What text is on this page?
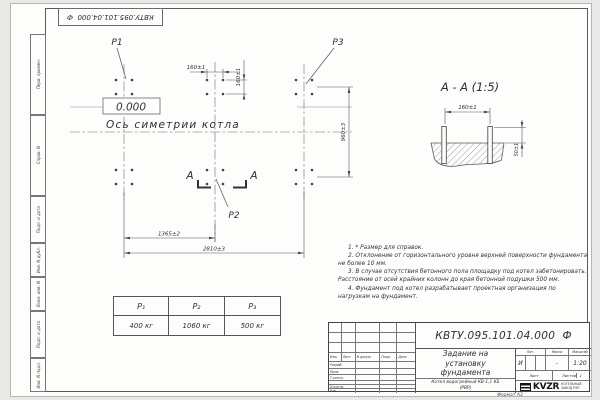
КВТУ.095.101.04.000  Ф
Перв. примен.
Справ. N
Подп. и дата
Инв. N дубл.
Взам. инв. N
Подп. и дата
Инв. N подл.
Р1	Р3
Р2
0.000
Ось симетрии котла
А	А
160±1	160±1
960±3
1365±2
2810±3
А - А (1:5)
160±1
50±1
1. * Размер для справок.
2. Отклонение от горизонтального уровня верхней поверхности фундамента не более 10 мм.
3. В случае отсутствия бетонного пола площадку под котел забетонировать. Расстояние от осей крайних колонн до края бетонной подушки 500 мм.
4. Фундамент под котел разрабатывает проектная организация по нагрузкам на фундамент.
Р₁	Р₂	Р₃
400 кг	1060 кг	500 кг
Изм.	Лист	N докум.	Подп.	Дата
Разраб.
Пров.
Т.контр.
Н.контр.
Утв.
КВТУ.095.101.04.000  Ф
Задание на установку фундамента
Котел водогрейный КВ-1,1 КБ (РВР)
Лит.	Масса	Масштаб
И	-	1:20
Лист	Листов
1
KVZR КОТЕЛЬНЫЙ ЗАВОД РЭП
Формат А3
